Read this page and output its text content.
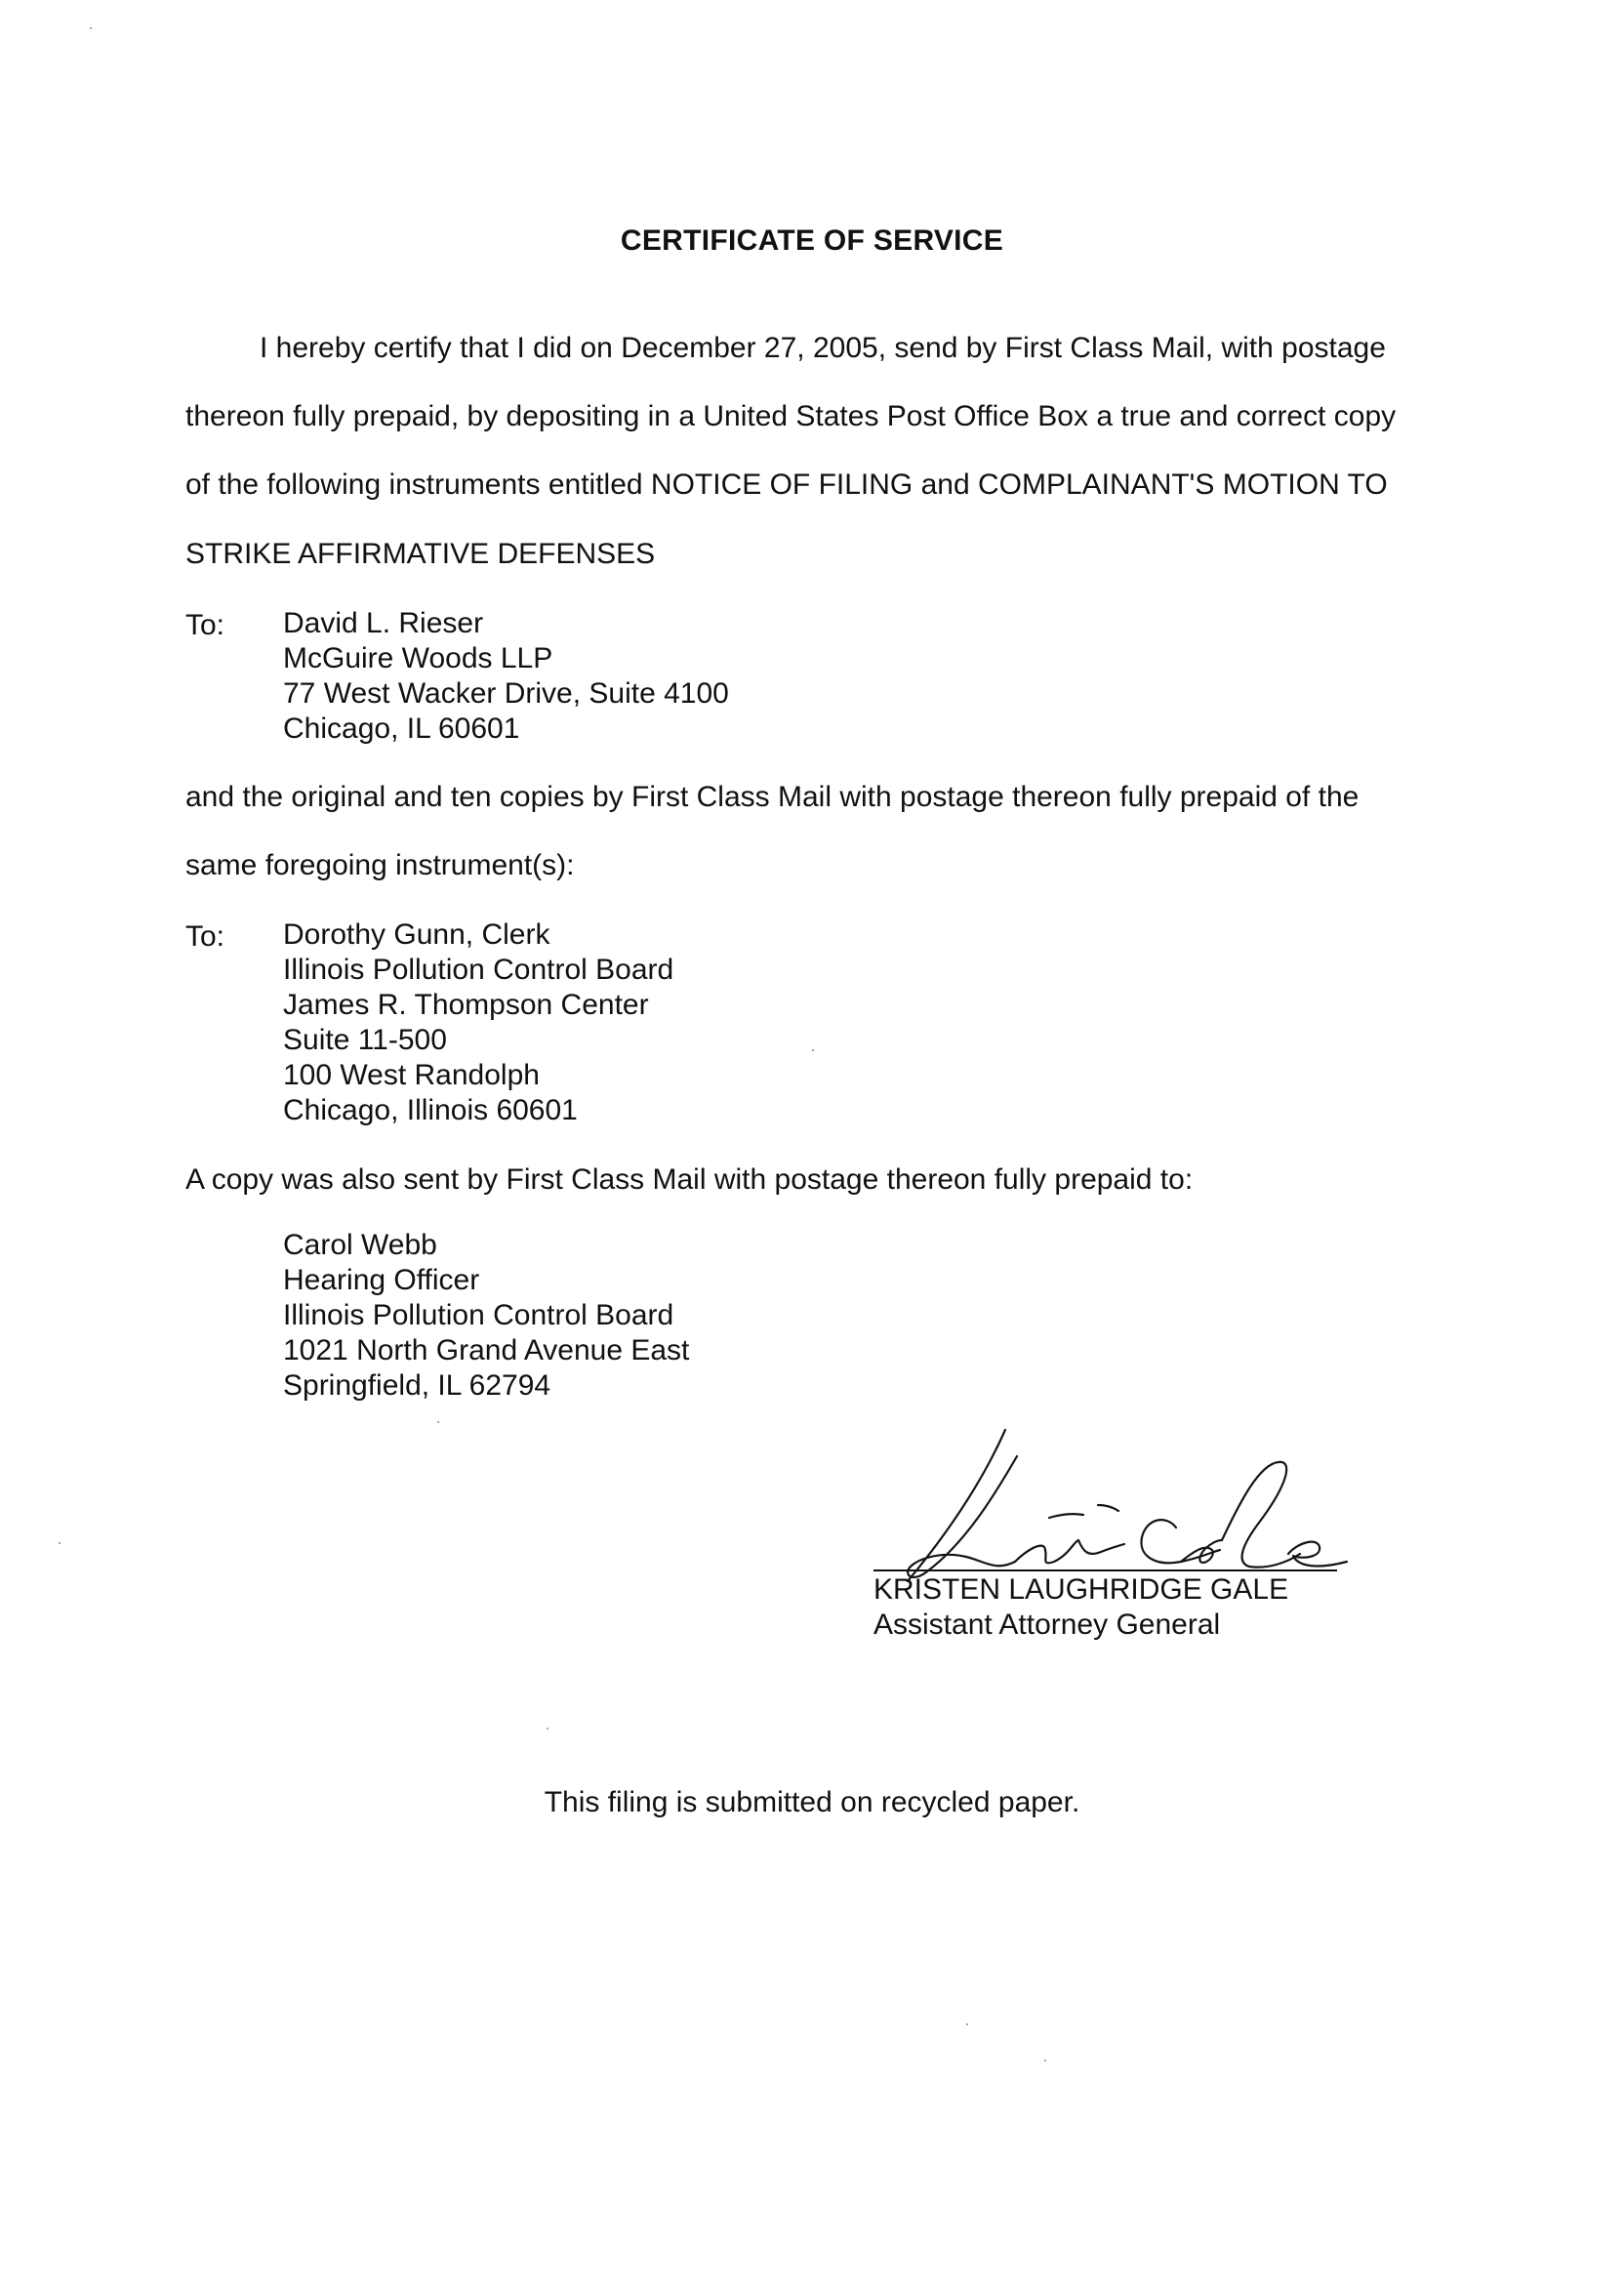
CERTIFICATE OF SERVICE
I hereby certify that I did on December 27, 2005, send by First Class Mail, with postage
thereon fully prepaid, by depositing in a United States Post Office Box a true and correct copy
of the following instruments entitled NOTICE OF FILING and COMPLAINANT'S MOTION TO
STRIKE AFFIRMATIVE DEFENSES
To: David L. Rieser
McGuire Woods LLP
77 West Wacker Drive, Suite 4100
Chicago, IL 60601
and the original and ten copies by First Class Mail with postage thereon fully prepaid of the
same foregoing instrument(s):
To: Dorothy Gunn, Clerk
Illinois Pollution Control Board
James R. Thompson Center
Suite 11-500
100 West Randolph
Chicago, Illinois 60601
A copy was also sent by First Class Mail with postage thereon fully prepaid to:
Carol Webb
Hearing Officer
Illinois Pollution Control Board
1021 North Grand Avenue East
Springfield, IL 62794
KRISTEN LAUGHRIDGE GALE
Assistant Attorney General
This filing is submitted on recycled paper.
